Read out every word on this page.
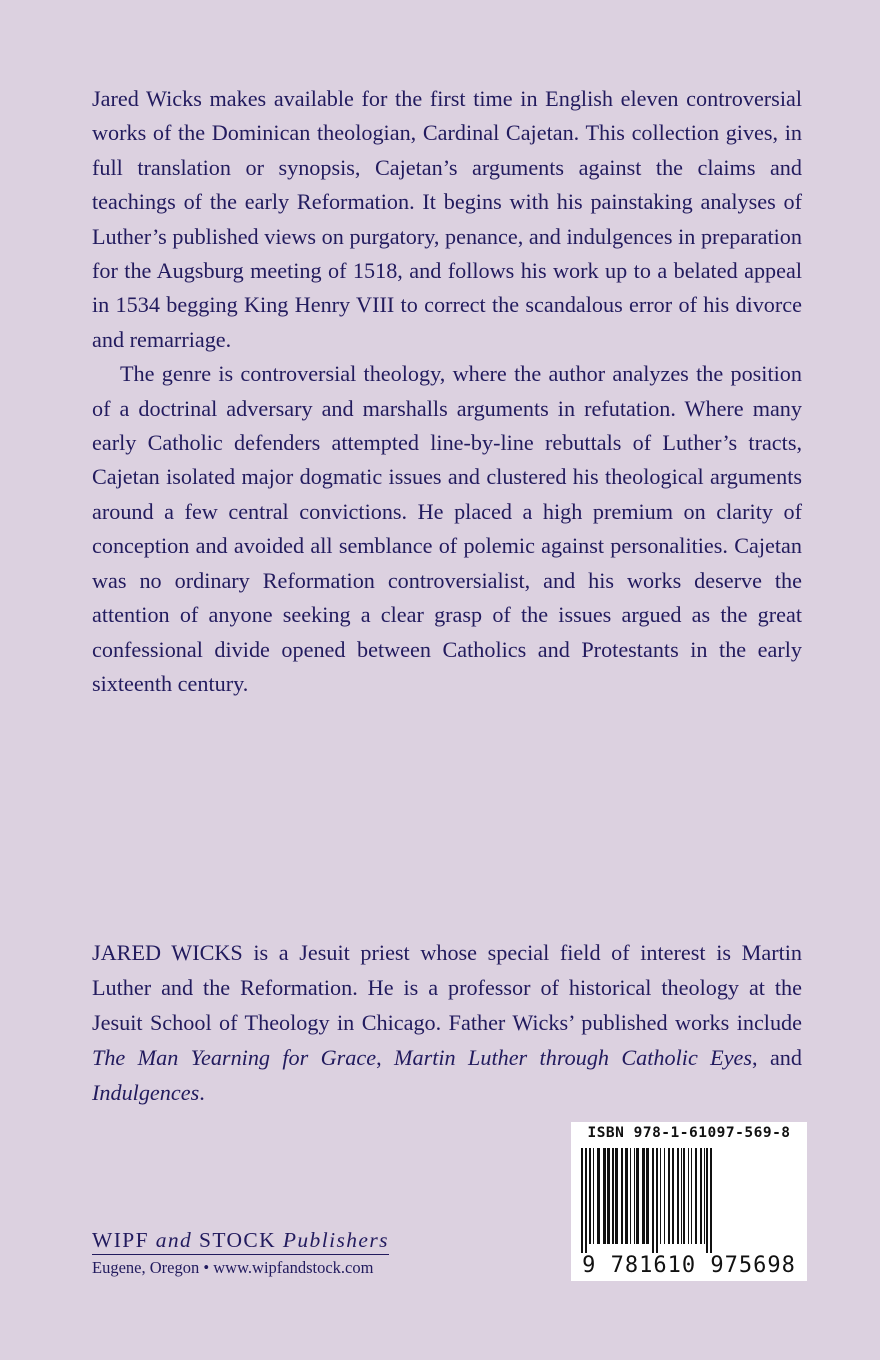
Jared Wicks makes available for the first time in English eleven controversial works of the Dominican theologian, Cardinal Cajetan. This collection gives, in full translation or synopsis, Cajetan’s arguments against the claims and teachings of the early Reformation. It begins with his painstaking analyses of Luther’s published views on purgatory, penance, and indulgences in preparation for the Augsburg meeting of 1518, and follows his work up to a belated appeal in 1534 begging King Henry VIII to correct the scandalous error of his divorce and remarriage.

The genre is controversial theology, where the author analyzes the position of a doctrinal adversary and marshalls arguments in refutation. Where many early Catholic defenders attempted line-by-line rebuttals of Luther’s tracts, Cajetan isolated major dogmatic issues and clustered his theological arguments around a few central convictions. He placed a high premium on clarity of conception and avoided all semblance of polemic against personalities. Cajetan was no ordinary Reformation controversialist, and his works deserve the attention of anyone seeking a clear grasp of the issues argued as the great confessional divide opened between Catholics and Protestants in the early sixteenth century.

JARED WICKS is a Jesuit priest whose special field of interest is Martin Luther and the Reformation. He is a professor of historical theology at the Jesuit School of Theology in Chicago. Father Wicks’ published works include The Man Yearning for Grace, Martin Luther through Catholic Eyes, and Indulgences.

ISBN 978-1-61097-569-8
9 781610 975698
WIPF and STOCK Publishers
Eugene, Oregon • www.wipfandstock.com
